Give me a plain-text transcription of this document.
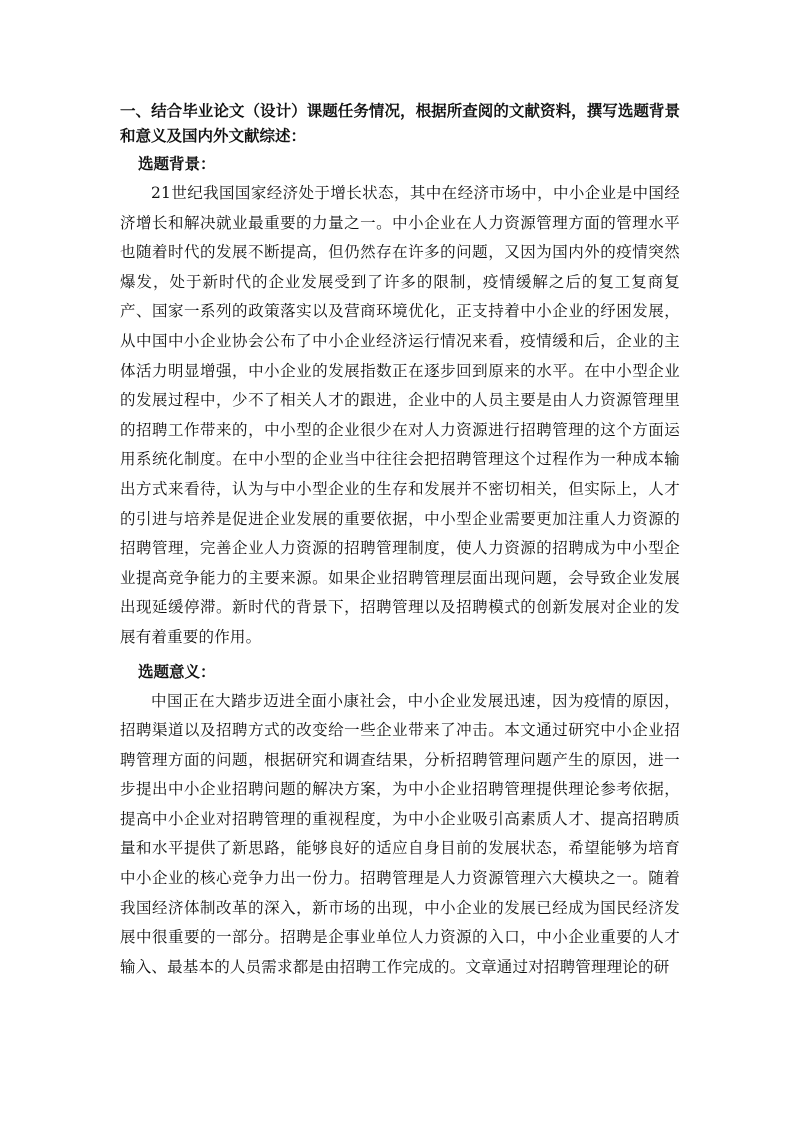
一、结合毕业论文（设计）课题任务情况，根据所查阅的文献资料，撰写选题背景和意义及国内外文献综述：
选题背景：

21世纪我国国家经济处于增长状态，其中在经济市场中，中小企业是中国经济增长和解决就业最重要的力量之一。中小企业在人力资源管理方面的管理水平也随着时代的发展不断提高，但仍然存在许多的问题，又因为国内外的疫情突然爆发，处于新时代的企业发展受到了许多的限制，疫情缓解之后的复工复商复产、国家一系列的政策落实以及营商环境优化，正支持着中小企业的纾困发展，从中国中小企业协会公布了中小企业经济运行情况来看，疫情缓和后，企业的主体活力明显增强，中小企业的发展指数正在逐步回到原来的水平。在中小型企业的发展过程中，少不了相关人才的跟进，企业中的人员主要是由人力资源管理里的招聘工作带来的，中小型的企业很少在对人力资源进行招聘管理的这个方面运用系统化制度。在中小型的企业当中往往会把招聘管理这个过程作为一种成本输出方式来看待，认为与中小型企业的生存和发展并不密切相关，但实际上，人才的引进与培养是促进企业发展的重要依据，中小型企业需要更加注重人力资源的招聘管理，完善企业人力资源的招聘管理制度，使人力资源的招聘成为中小型企业提高竞争能力的主要来源。如果企业招聘管理层面出现问题，会导致企业发展出现延缓停滞。新时代的背景下，招聘管理以及招聘模式的创新发展对企业的发展有着重要的作用。

选题意义：

中国正在大踏步迈进全面小康社会，中小企业发展迅速，因为疫情的原因，招聘渠道以及招聘方式的改变给一些企业带来了冲击。本文通过研究中小企业招聘管理方面的问题，根据研究和调查结果，分析招聘管理问题产生的原因，进一步提出中小企业招聘问题的解决方案，为中小企业招聘管理提供理论参考依据，提高中小企业对招聘管理的重视程度，为中小企业吸引高素质人才、提高招聘质量和水平提供了新思路，能够良好的适应自身目前的发展状态，希望能够为培育中小企业的核心竞争力出一份力。招聘管理是人力资源管理六大模块之一。随着我国经济体制改革的深入，新市场的出现，中小企业的发展已经成为国民经济发展中很重要的一部分。招聘是企事业单位人力资源的入口，中小企业重要的人才输入、最基本的人员需求都是由招聘工作完成的。文章通过对招聘管理理论的研
